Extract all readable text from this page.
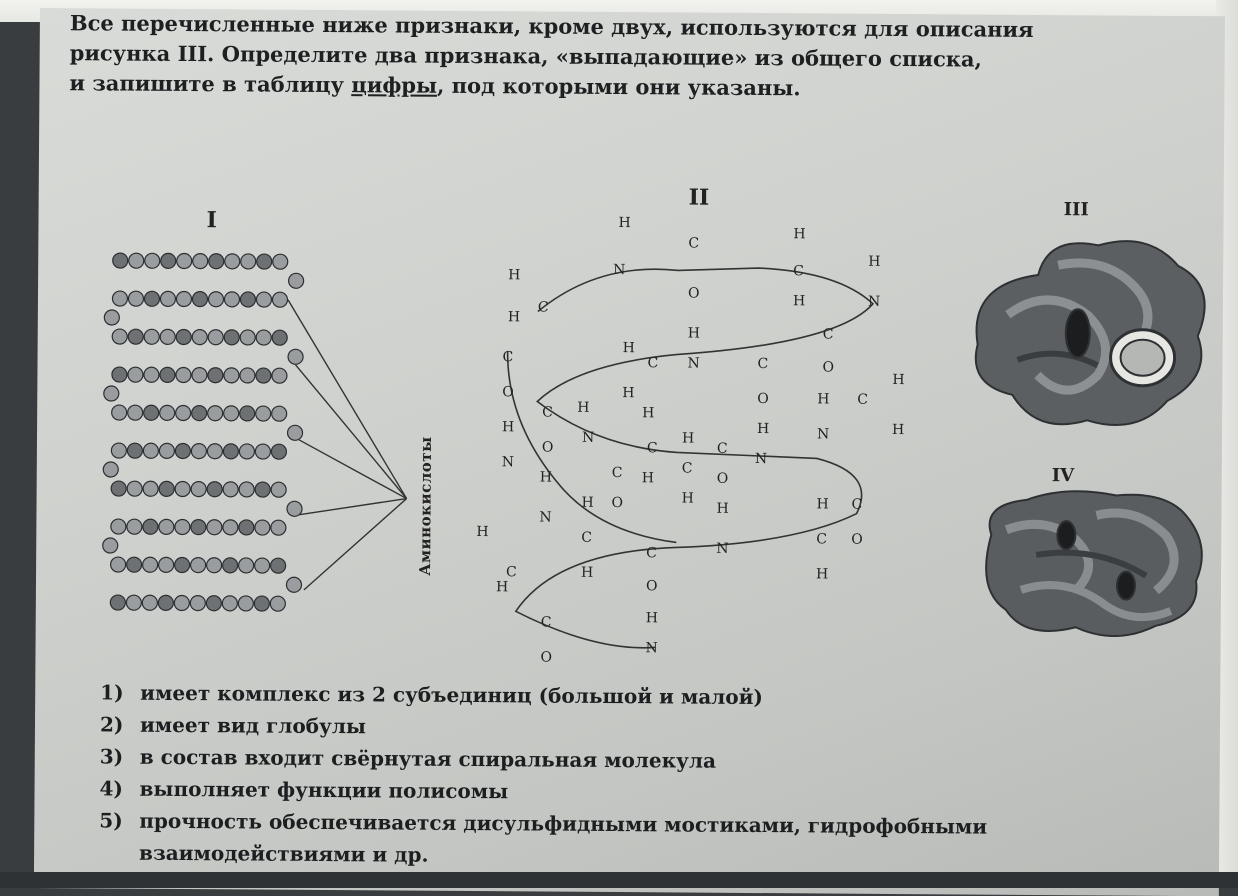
Все перечисленные ниже признаки, кроме двух, используются для описания

рисунка III. Определите два признака, «выпадающие» из общего списка,

и запишите в таблицу цифры, под которыми они указаны.

H
N
C
O
H
C
H
H
N
H
C
H
H
N
C
O
H
C
H
C
O
H
N
C
O
H
N
H
C
H
C
O
H
N
C
O
H
C
H
H
N
C
H
H
C
O
H
N
H
C
H
H
N
H
C
H
C
O
H
C
H
C
O
H
N
C
O
I
II	III
IV
Аминокислоты
1) имеет комплекс из 2 субъединиц (большой и малой)
2) имеет вид глобулы
3) в состав входит свёрнутая спиральная молекула
4) выполняет функции полисомы
5) прочность обеспечивается дисульфидными мостиками, гидрофобными
взаимодействиями и др.
